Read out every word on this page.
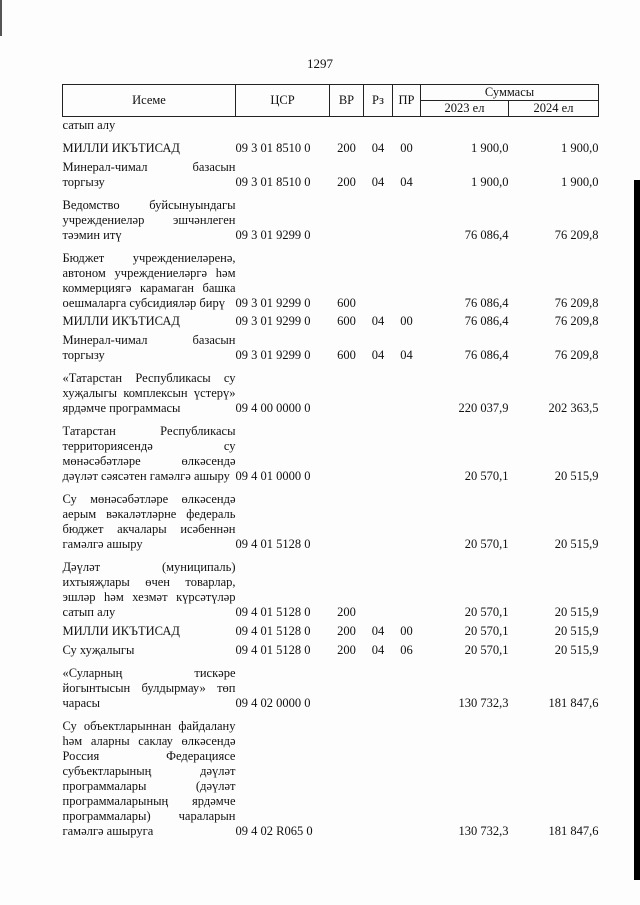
1297
Исеме	ЦСР	ВР	Рз	ПР	Суммасы	
					2023 ел	2024 ел
сатып алу						
МИЛЛИ ИКЪТИСАД	09 3 01 8510 0	200	04	00	1 900,0	1 900,0
Минерал-чимал базасын торгызу	09 3 01 8510 0	200	04	04	1 900,0	1 900,0
Ведомство буйсынуындагы учреждениеләр эшчәнлеген тәэмин итү	09 3 01 9299 0				76 086,4	76 209,8
Бюджет учреждениеләренә, автоном учреждениеләргә һәм коммерциягә карамаган башка оешмаларга субсидияләр бирү	09 3 01 9299 0	600			76 086,4	76 209,8
МИЛЛИ ИКЪТИСАД	09 3 01 9299 0	600	04	00	76 086,4	76 209,8
Минерал-чимал базасын торгызу	09 3 01 9299 0	600	04	04	76 086,4	76 209,8
«Татарстан Республикасы су хуҗалыгы комплексын үстерү» ярдәмче программасы	09 4 00 0000 0				220 037,9	202 363,5
Татарстан Республикасы территориясендә су мөнәсәбәтләре өлкәсендә дәүләт сәясәтен гамәлгә ашыру	09 4 01 0000 0				20 570,1	20 515,9
Су мөнәсәбәтләре өлкәсендә аерым вәкаләтләрне федераль бюджет акчалары исәбеннән гамәлгә ашыру	09 4 01 5128 0				20 570,1	20 515,9
Дәүләт (муниципаль) ихтыяҗлары өчен товарлар, эшләр һәм хезмәт күрсәтүләр сатып алу	09 4 01 5128 0	200			20 570,1	20 515,9
МИЛЛИ ИКЪТИСАД	09 4 01 5128 0	200	04	00	20 570,1	20 515,9
Су хуҗалыгы	09 4 01 5128 0	200	04	06	20 570,1	20 515,9
«Суларның тискәре йогынтысын булдырмау» төп чарасы	09 4 02 0000 0				130 732,3	181 847,6
Су объектларыннан файдалану һәм аларны саклау өлкәсендә Россия Федерациясе субъектларының дәүләт программалары (дәүләт программаларының ярдәмче программалары) чараларын гамәлгә ашыруга	09 4 02 R065 0				130 732,3	181 847,6
